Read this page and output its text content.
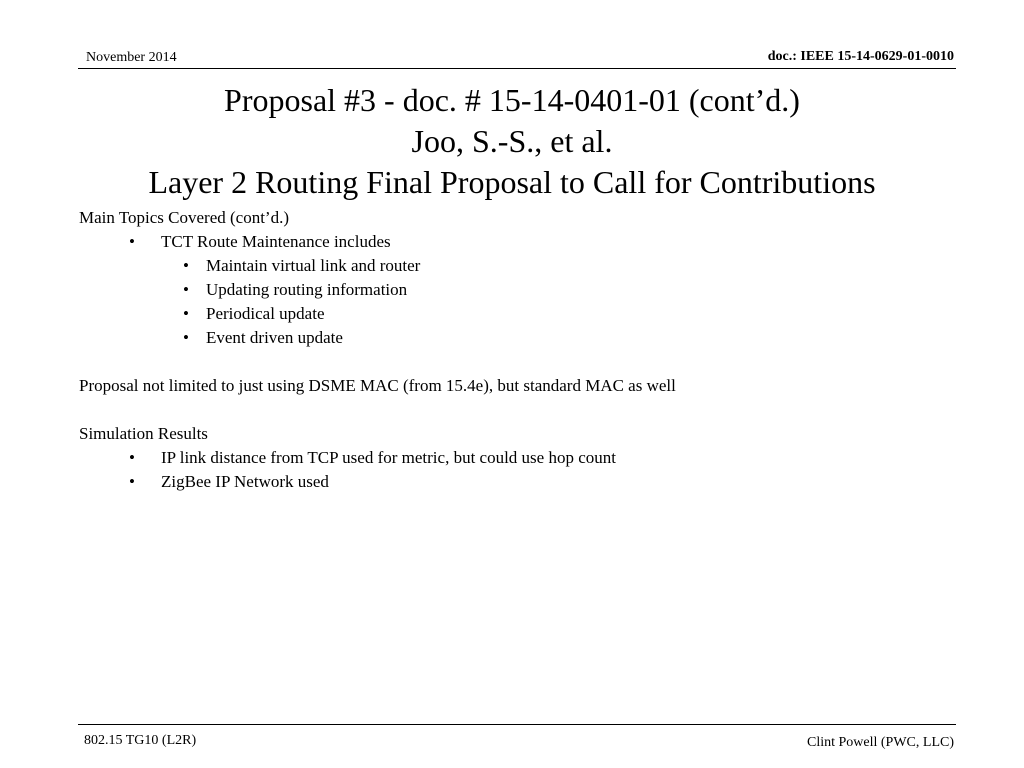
November 2014	doc.: IEEE 15-14-0629-01-0010
Proposal #3 - doc. # 15-14-0401-01 (cont’d.)
Joo, S.-S., et al.
Layer 2 Routing Final Proposal to Call for Contributions
Main Topics Covered (cont’d.)
• TCT Route Maintenance includes
• Maintain virtual link and router
• Updating routing information
• Periodical update
• Event driven update
Proposal not limited to just using DSME MAC (from 15.4e), but standard MAC as well
Simulation Results
• IP link distance from TCP used for metric, but could use hop count
• ZigBee IP Network used
802.15 TG10 (L2R)	Clint Powell (PWC, LLC)
